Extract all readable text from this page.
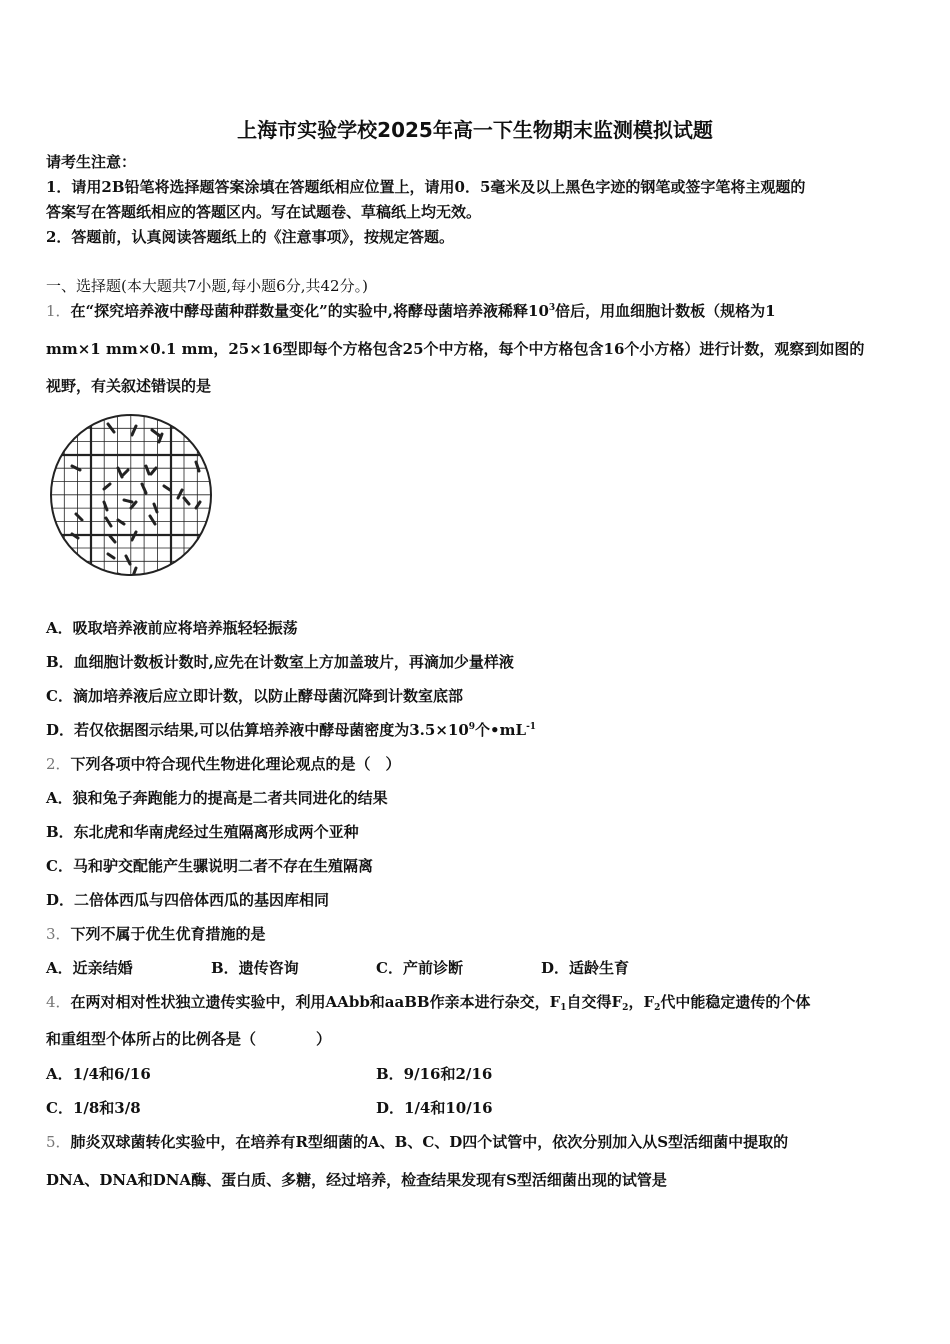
上海市实验学校2025年高一下生物期末监测模拟试题
请考生注意：
1．请用2B铅笔将选择题答案涂填在答题纸相应位置上，请用0．5毫米及以上黑色字迹的钢笔或签字笔将主观题的
答案写在答题纸相应的答题区内。写在试题卷、草稿纸上均无效。
2．答题前，认真阅读答题纸上的《注意事项》，按规定答题。
一、选择题(本大题共7小题,每小题6分,共42分。)
1．在“探究培养液中酵母菌种群数量变化”的实验中,将酵母菌培养液稀释$10^3$倍后，用血细胞计数板（规格为1
mm×1 mm×0.1 mm，25×16型即每个方格包含25个中方格，每个中方格包含16个小方格）进行计数，观察到如图的
视野，有关叙述错误的是
A．吸取培养液前应将培养瓶轻轻振荡
B．血细胞计数板计数时,应先在计数室上方加盖玻片，再滴加少量样液
C．滴加培养液后应立即计数，以防止酵母菌沉降到计数室底部
D．若仅依据图示结果,可以估算培养液中酵母菌密度为$3.5\times 10^9$个$•mL^{-1}$
2．下列各项中符合现代生物进化理论观点的是（　）
A．狼和兔子奔跑能力的提高是二者共同进化的结果
B．东北虎和华南虎经过生殖隔离形成两个亚种
C．马和驴交配能产生骡说明二者不存在生殖隔离
D．二倍体西瓜与四倍体西瓜的基因库相同
3．下列不属于优生优育措施的是
A．近亲结婚	B．遗传咨询	C．产前诊断	D．适龄生育
4．在两对相对性状独立遗传实验中，利用AAbb和aaBB作亲本进行杂交，$F_1$自交得$F_2$，$F_2$代中能稳定遗传的个体
和重组型个体所占的比例各是（　　　　）
A．1/4和6/16	B．9/16和2/16
C．1/8和3/8	D．1/4和10/16
5．肺炎双球菌转化实验中，在培养有R型细菌的A、B、C、D四个试管中，依次分别加入从S型活细菌中提取的
DNA、DNA和DNA酶、蛋白质、多糖，经过培养，检查结果发现有S型活细菌出现的试管是
